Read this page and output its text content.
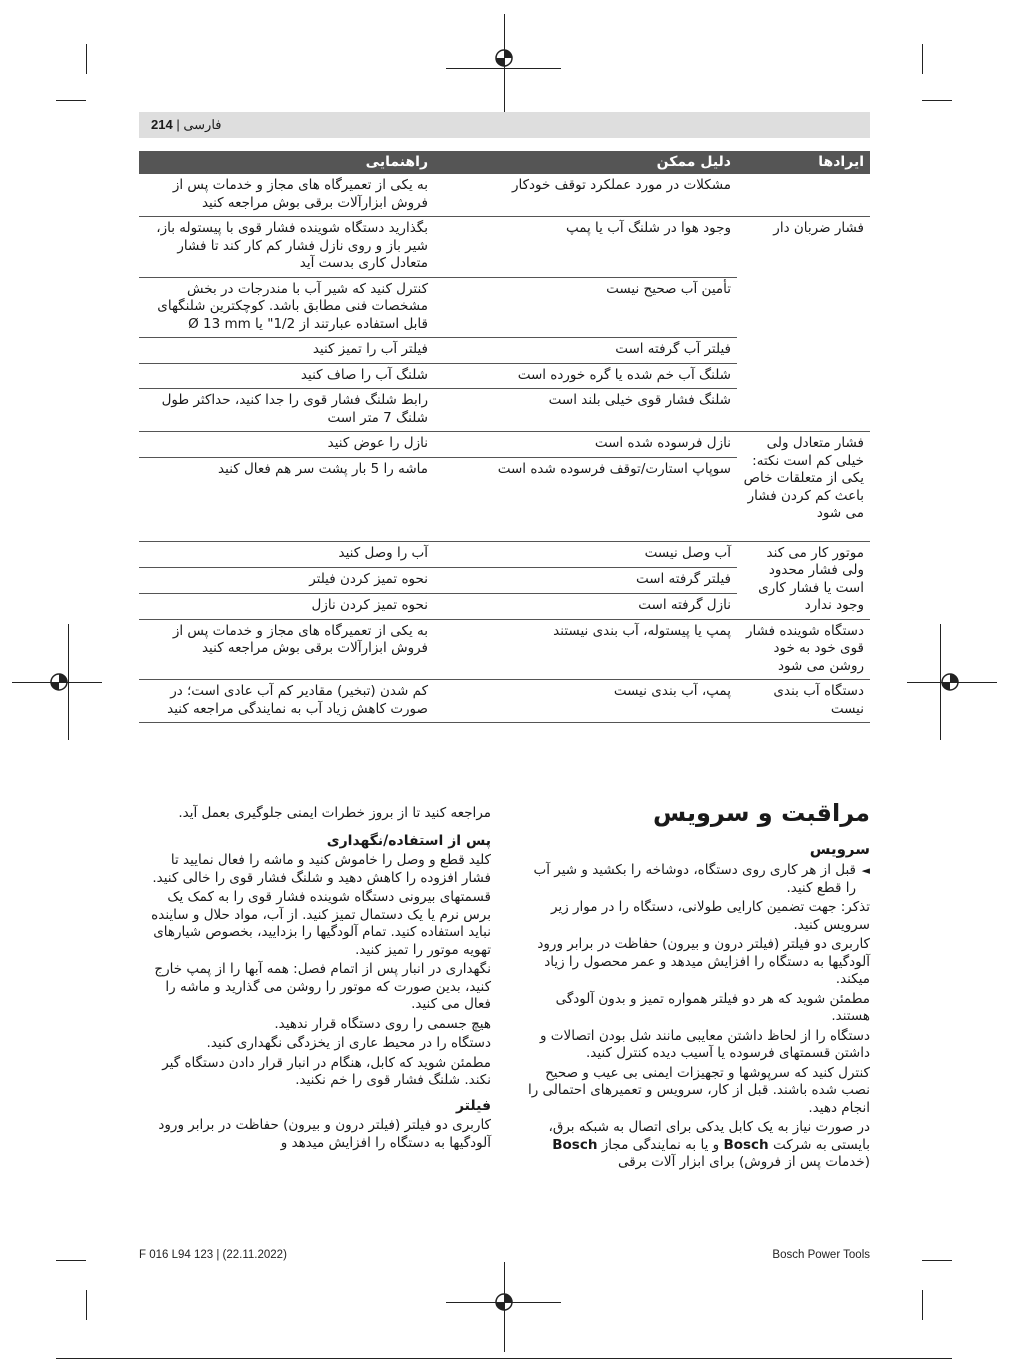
214 | فارسی
ایرادها	دلیل ممکن	راهنمایی
	مشکلات در مورد عملکرد توقف خودکار	به یکی از تعمیرگاه های مجاز و خدمات پس از فروش ابزارآلات برقی بوش مراجعه کنید
فشار ضربان دار	وجود هوا در شلنگ آب یا پمپ	بگذارید دستگاه شوینده فشار قوی با پیستوله باز، شیر باز و روی نازل فشار کم کار کند تا فشار متعادل کاری بدست آید
	تأمین آب صحیح نیست	کنترل کنید که شیر آب با مندرجات در بخش مشخصات فنی مطابق باشد. کوچکترین شلنگهای قابل استفاده عبارتند از 1/2" یا Ø 13 mm
	فیلتر آب گرفته است	فیلتر آب را تمیز کنید
	شلنگ آب خم شده یا گره خورده است	شلنگ آب را صاف کنید
	شلنگ فشار قوی خیلی بلند است	رابط شلنگ فشار قوی را جدا کنید، حداکثر طول شلنگ 7 متر است
فشار متعادل ولی خیلی کم است نکته: یکی از متعلقات خاص باعث کم کردن فشار می شود	نازل فرسوده شده است	نازل را عوض کنید
	سوپاپ استارت/توقف فرسوده شده است	ماشه را 5 بار پشت سر هم فعال کنید
موتور کار می کند ولی فشار محدود است یا فشار کاری وجود ندارد	آب وصل نیست	آب را وصل کنید
	فیلتر گرفته است	نحوه تمیز کردن فیلتر
	نازل گرفته است	نحوه تمیز کردن نازل
دستگاه شوینده فشار قوی خود به خود روشن می شود	پمپ یا پیستوله، آب بندی نیستند	به یکی از تعمیرگاه های مجاز و خدمات پس از فروش ابزارآلات برقی بوش مراجعه کنید
دستگاه آب بندی نیست	پمپ، آب بندی نیست	کم شدن (تبخیر) مقادیر کم آب عادی است؛ در صورت کاهش زیاد آب به نمایندگی مراجعه کنید
مراقبت و سرویس
سرویس

◄
قبل از هر کاری روی دستگاه، دوشاخه را بکشید و شیر آب را قطع کنید.

تذکر: جهت تضمین کارایی طولانی، دستگاه را در موار زیر سرویس کنید.

کاربری دو فیلتر (فیلتر درون و بیرون) حفاظت در برابر ورود آلودگیها به دستگاه را افزایش میدهد و عمر محصول را زیاد میکند.

مطمئن شوید که هر دو فیلتر همواره تمیز و بدون آلودگی هستند.

دستگاه را از لحاظ داشتن معایبی مانند شل بودن اتصالات و داشتن قسمتهای فرسوده یا آسیب دیده کنترل کنید.

کنترل کنید که سرپوشها و تجهیزات ایمنی بی عیب و صحیح نصب شده باشند. قبل از کار، سرویس و تعمیرهای احتمالی را انجام دهید.

در صورت نیاز به یک کابل یدکی برای اتصال به شبکه برق، بایستی به شرکت Bosch و یا به نمایندگی مجاز Bosch (خدمات پس از فروش) برای ابزار آلات برقی

مراجعه کنید تا از بروز خطرات ایمنی جلوگیری بعمل آید.

پس از استفاده/نگهداری

کلید قطع و وصل را خاموش کنید و ماشه را فعال نمایید تا فشار افزوده را کاهش دهید و شلنگ فشار قوی را خالی کنید.

قسمتهای بیرونی دستگاه شوینده فشار قوی را به کمک یک برس نرم یا یک دستمال تمیز کنید. از آب، مواد حلال و ساینده نباید استفاده کنید. تمام آلودگیها را بزدایید، بخصوص شیارهای تهویه موتور را تمیز کنید.

نگهداری در انبار پس از اتمام فصل: همه آبها را از پمپ خارج کنید، بدین صورت که موتور را روشن می گذارید و ماشه را فعال می کنید.

هیچ جسمی را روی دستگاه قرار ندهید.

دستگاه را در محیط عاری از یخزدگی نگهداری کنید.

مطمئن شوید که کابل، هنگام در انبار قرار دادن دستگاه گیر نکند. شلنگ فشار قوی را خم نکنید.

فیلتر

کاربری دو فیلتر (فیلتر درون و بیرون) حفاظت در برابر ورود آلودگیها به دستگاه را افزایش میدهد و

F 016 L94 123 | (22.11.2022)	Bosch Power Tools
